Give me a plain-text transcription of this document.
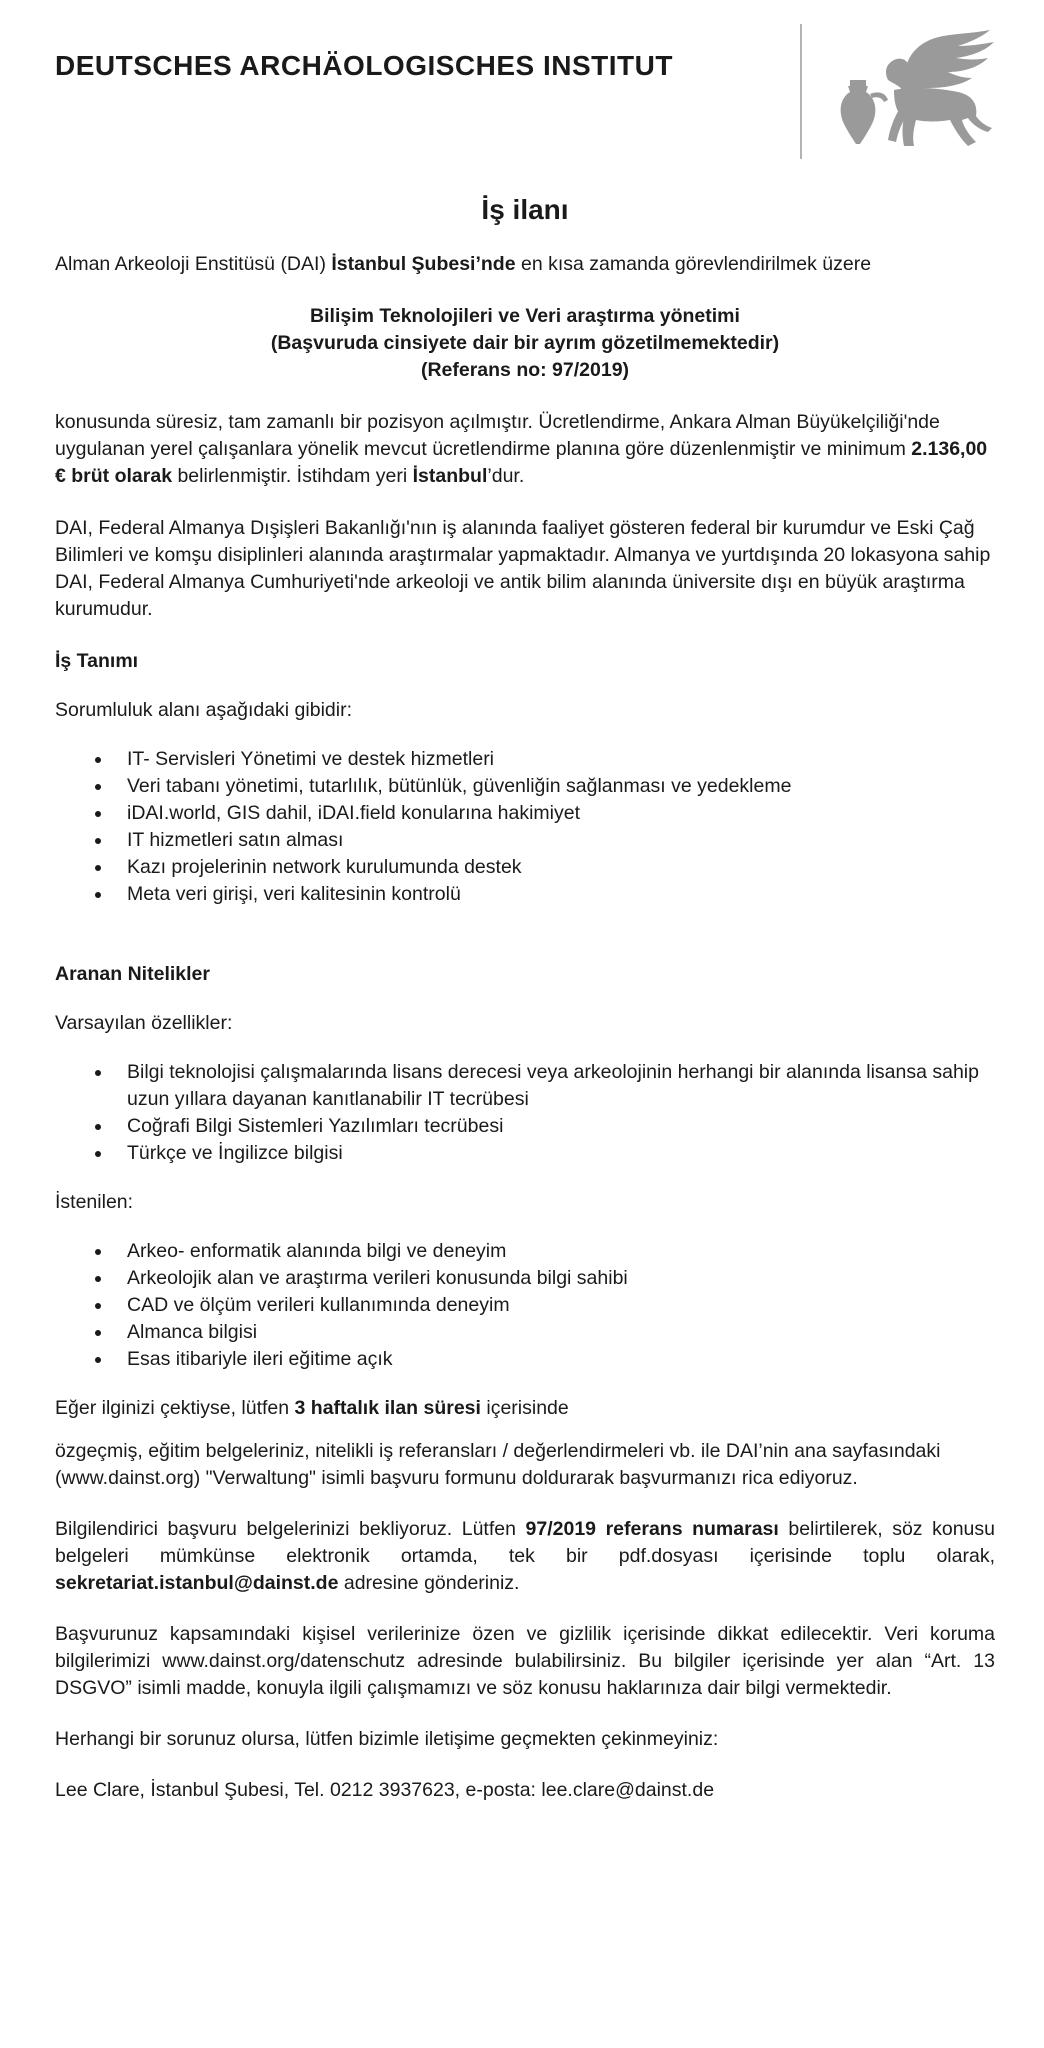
DEUTSCHES ARCHÄOLOGISCHES INSTITUT

İş ilanı

Alman Arkeoloji Enstitüsü (DAI) İstanbul Şubesi’nde en kısa zamanda görevlendirilmek üzere

Bilişim Teknolojileri ve Veri araştırma yönetimi

(Başvuruda cinsiyete dair bir ayrım gözetilmemektedir)

(Referans no: 97/2019)

konusunda süresiz, tam zamanlı bir pozisyon açılmıştır. Ücretlendirme, Ankara Alman Büyükelçiliği'nde uygulanan yerel çalışanlara yönelik mevcut ücretlendirme planına göre düzenlenmiştir ve minimum 2.136,00 € brüt olarak belirlenmiştir. İstihdam yeri İstanbul’dur.

DAI, Federal Almanya Dışişleri Bakanlığı'nın iş alanında faaliyet gösteren federal bir kurumdur ve Eski Çağ Bilimleri ve komşu disiplinleri alanında araştırmalar yapmaktadır. Almanya ve yurtdışında 20 lokasyona sahip DAI, Federal Almanya Cumhuriyeti'nde arkeoloji ve antik bilim alanında üniversite dışı en büyük araştırma kurumudur.

İş Tanımı

Sorumluluk alanı aşağıdaki gibidir:

IT- Servisleri Yönetimi ve destek hizmetleri
Veri tabanı yönetimi, tutarlılık, bütünlük, güvenliğin sağlanması ve yedekleme
iDAI.world, GIS dahil, iDAI.field konularına hakimiyet
IT hizmetleri satın alması
Kazı projelerinin network kurulumunda destek
Meta veri girişi, veri kalitesinin kontrolü

Aranan Nitelikler

Varsayılan özellikler:

Bilgi teknolojisi çalışmalarında lisans derecesi veya arkeolojinin herhangi bir alanında lisansa sahip uzun yıllara dayanan kanıtlanabilir IT tecrübesi
Coğrafi Bilgi Sistemleri Yazılımları tecrübesi
Türkçe ve İngilizce bilgisi

İstenilen:

Arkeo- enformatik alanında bilgi ve deneyim
Arkeolojik alan ve araştırma verileri konusunda bilgi sahibi
CAD ve ölçüm verileri kullanımında deneyim
Almanca bilgisi
Esas itibariyle ileri eğitime açık

Eğer ilginizi çektiyse, lütfen 3 haftalık ilan süresi içerisinde

özgeçmiş, eğitim belgeleriniz, nitelikli iş referansları / değerlendirmeleri vb. ile DAI’nin ana sayfasındaki (www.dainst.org) "Verwaltung" isimli başvuru formunu doldurarak başvurmanızı rica ediyoruz.

Bilgilendirici başvuru belgelerinizi bekliyoruz. Lütfen 97/2019 referans numarası belirtilerek, söz konusu belgeleri mümkünse elektronik ortamda, tek bir pdf.dosyası içerisinde toplu olarak, sekretariat.istanbul@dainst.de adresine gönderiniz.

Başvurunuz kapsamındaki kişisel verilerinize özen ve gizlilik içerisinde dikkat edilecektir. Veri koruma bilgilerimizi www.dainst.org/datenschutz adresinde bulabilirsiniz. Bu bilgiler içerisinde yer alan “Art. 13 DSGVO” isimli madde, konuyla ilgili çalışmamızı ve söz konusu haklarınıza dair bilgi vermektedir.

Herhangi bir sorunuz olursa, lütfen bizimle iletişime geçmekten çekinmeyiniz:

Lee Clare, İstanbul Şubesi, Tel. 0212 3937623, e-posta: lee.clare@dainst.de
